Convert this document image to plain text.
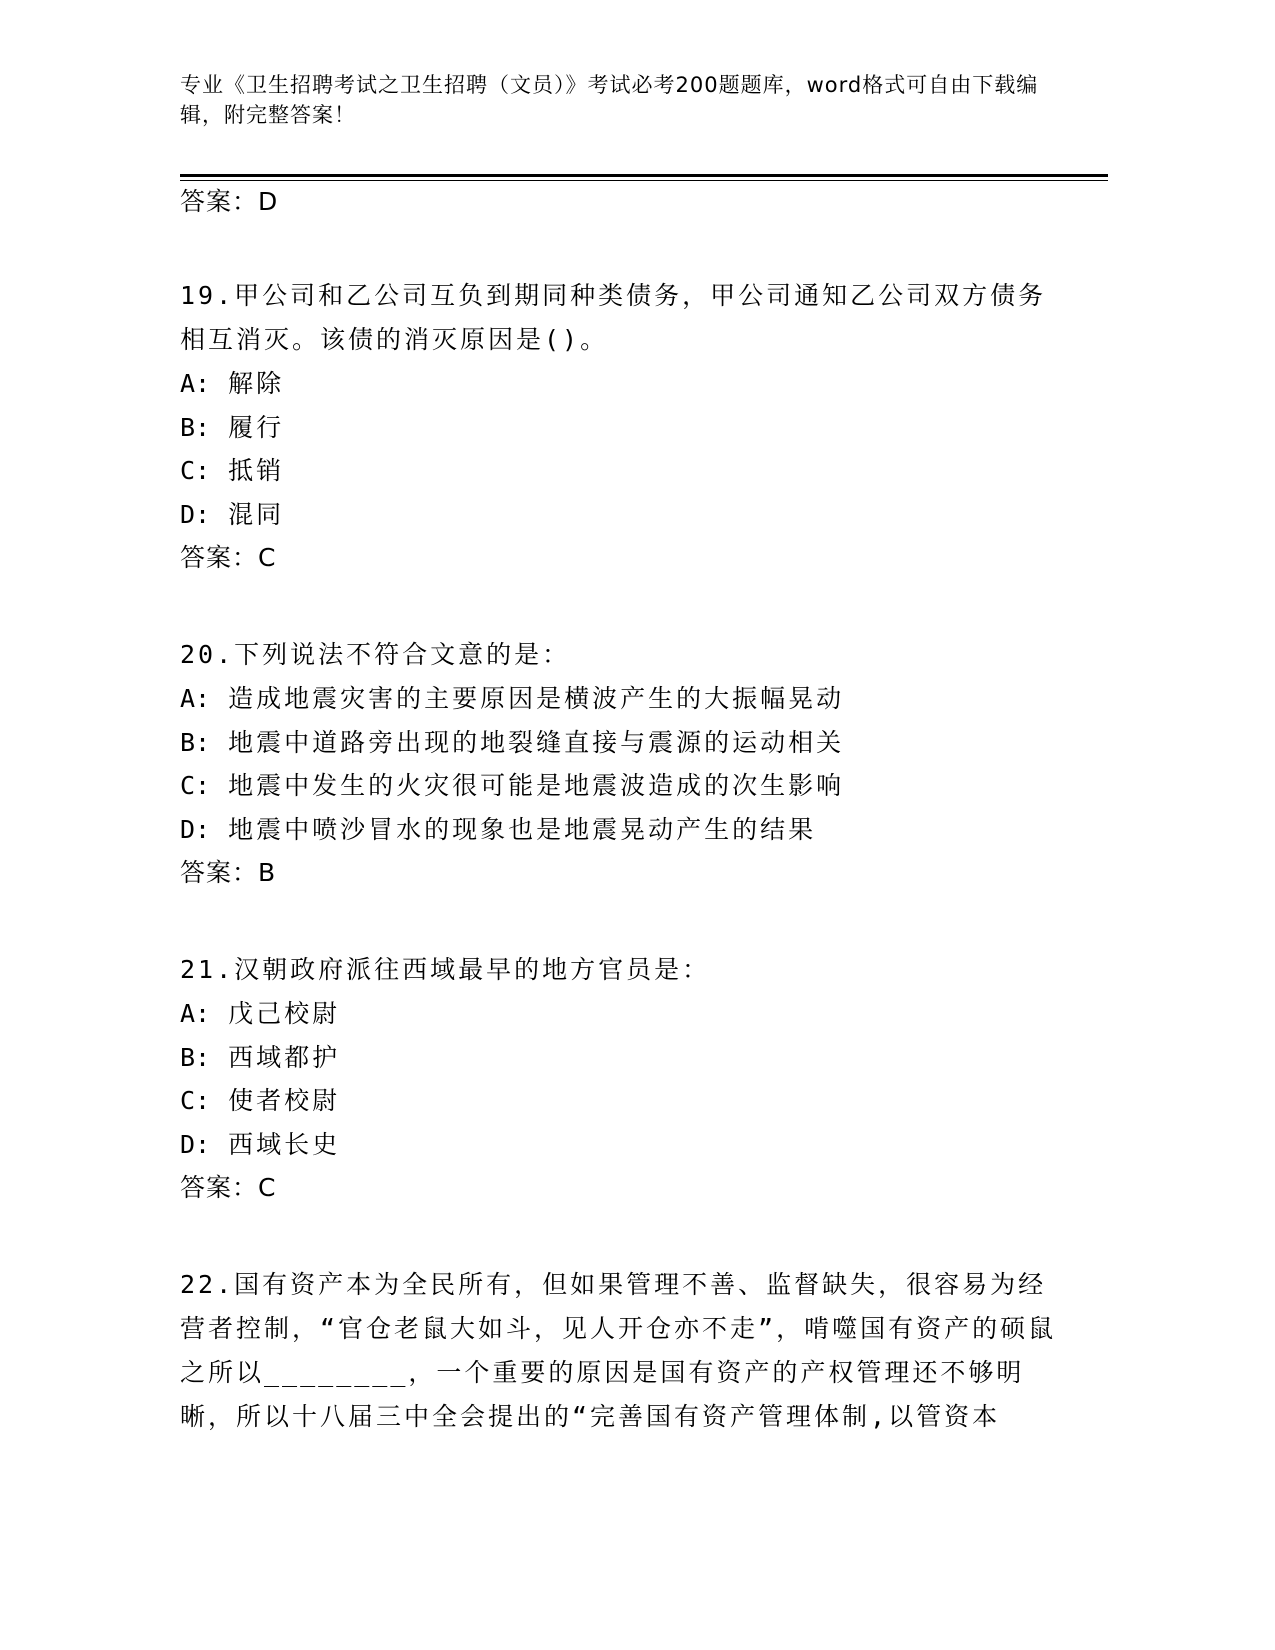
专业《卫生招聘考试之卫生招聘（文员）》考试必考200题题库，word格式可自由下载编辑，附完整答案！

答案：D

19.甲公司和乙公司互负到期同种类债务，甲公司通知乙公司双方债务相互消灭。该债的消灭原因是()。

A: 解除
B: 履行
C: 抵销
D: 混同
答案：C

20.下列说法不符合文意的是：

A: 造成地震灾害的主要原因是横波产生的大振幅晃动
B: 地震中道路旁出现的地裂缝直接与震源的运动相关
C: 地震中发生的火灾很可能是地震波造成的次生影响
D: 地震中喷沙冒水的现象也是地震晃动产生的结果
答案：B

21.汉朝政府派往西域最早的地方官员是：

A: 戊己校尉
B: 西域都护
C: 使者校尉
D: 西域长史
答案：C

22.国有资产本为全民所有，但如果管理不善、监督缺失，很容易为经营者控制，“官仓老鼠大如斗，见人开仓亦不走”，啃噬国有资产的硕鼠之所以________，一个重要的原因是国有资产的产权管理还不够明晰，所以十八届三中全会提出的“完善国有资产管理体制,以管资本
